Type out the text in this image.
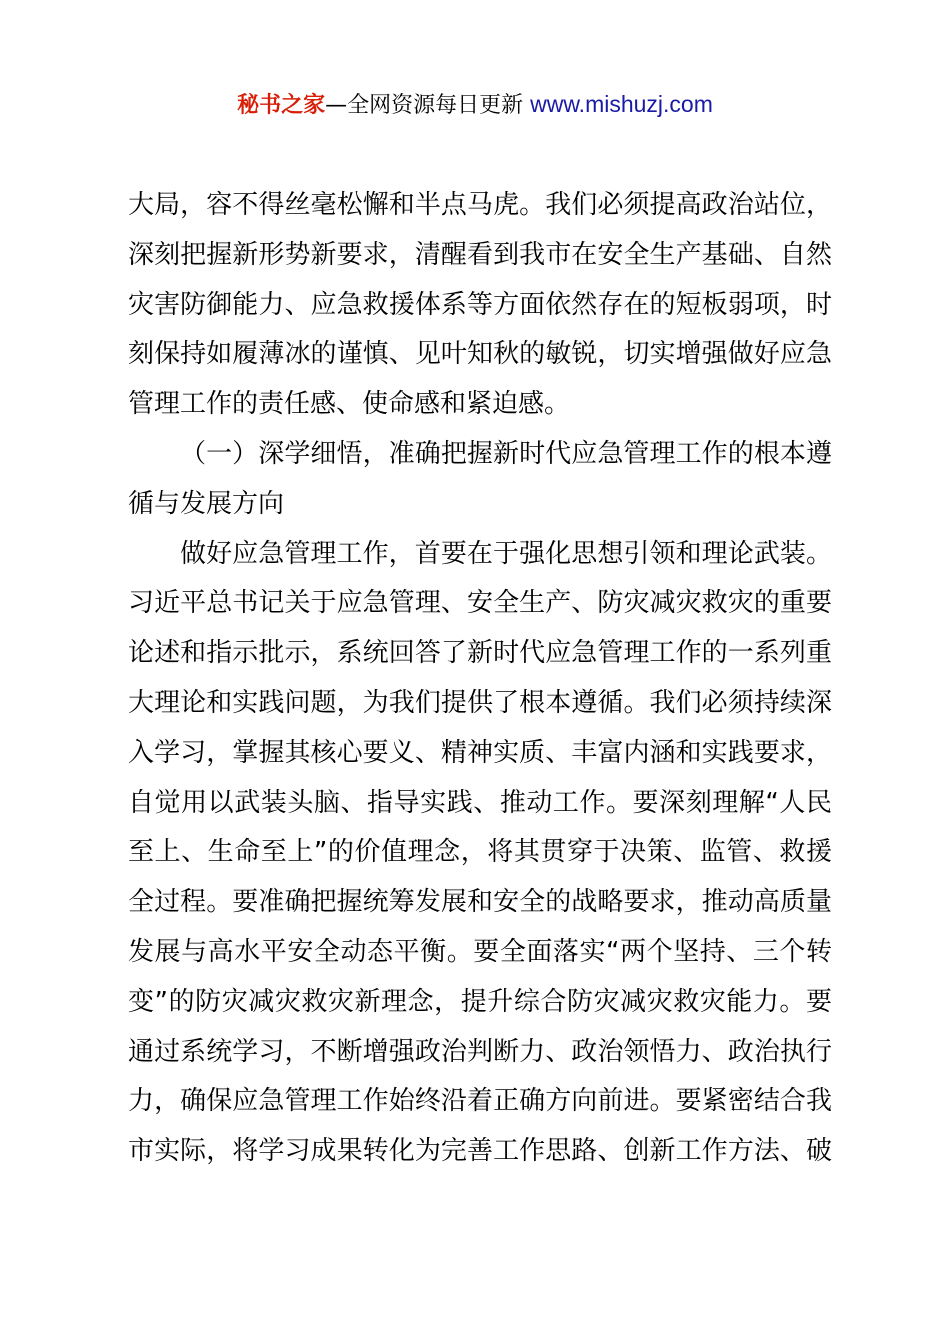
秘书之家—全网资源每日更新 www.mishuzj.com
大局，容不得丝毫松懈和半点马虎。我们必须提高政治站位，
深刻把握新形势新要求，清醒看到我市在安全生产基础、自然
灾害防御能力、应急救援体系等方面依然存在的短板弱项，时
刻保持如履薄冰的谨慎、见叶知秋的敏锐，切实增强做好应急
管理工作的责任感、使命感和紧迫感。
（一）深学细悟，准确把握新时代应急管理工作的根本遵
循与发展方向
做好应急管理工作，首要在于强化思想引领和理论武装。
习近平总书记关于应急管理、安全生产、防灾减灾救灾的重要
论述和指示批示，系统回答了新时代应急管理工作的一系列重
大理论和实践问题，为我们提供了根本遵循。我们必须持续深
入学习，掌握其核心要义、精神实质、丰富内涵和实践要求，
自觉用以武装头脑、指导实践、推动工作。要深刻理解“人民
至上、生命至上”的价值理念，将其贯穿于决策、监管、救援
全过程。要准确把握统筹发展和安全的战略要求，推动高质量
发展与高水平安全动态平衡。要全面落实“两个坚持、三个转
变”的防灾减灾救灾新理念，提升综合防灾减灾救灾能力。要
通过系统学习，不断增强政治判断力、政治领悟力、政治执行
力，确保应急管理工作始终沿着正确方向前进。要紧密结合我
市实际，将学习成果转化为完善工作思路、创新工作方法、破
